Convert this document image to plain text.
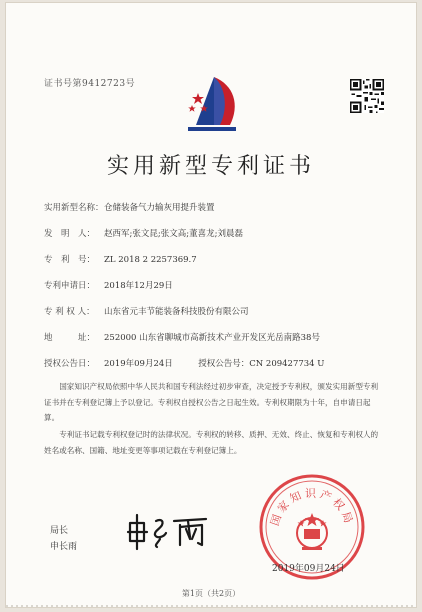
证书号第9412723号
实用新型专利证书
实用新型名称：仓储装备气力输灰用提升装置
发　明　人： 赵西军;张文昆;张文高;董喜龙;刘晨磊
专　利　号： ZL 2018 2 2257369.7
专利申请日： 2018年12月29日
专 利 权 人： 山东省元丰节能装备科技股份有限公司
地　　　址： 252000 山东省聊城市高新技术产业开发区光岳南路38号
授权公告日： 2019年09月24日　　　授权公告号：CN 209427734 U
国家知识产权局依照中华人民共和国专利法经过初步审查，决定授予专利权，颁发实用新型专利证书并在专利登记簿上予以登记。专利权自授权公告之日起生效。专利权期限为十年，自申请日起算。
专利证书记载专利权登记时的法律状况。专利权的转移、质押、无效、终止、恢复和专利权人的姓名或名称、国籍、地址变更等事项记载在专利登记簿上。
局长
申长雨
国家知识产权局
2019年09月24日
第1页（共2页）
